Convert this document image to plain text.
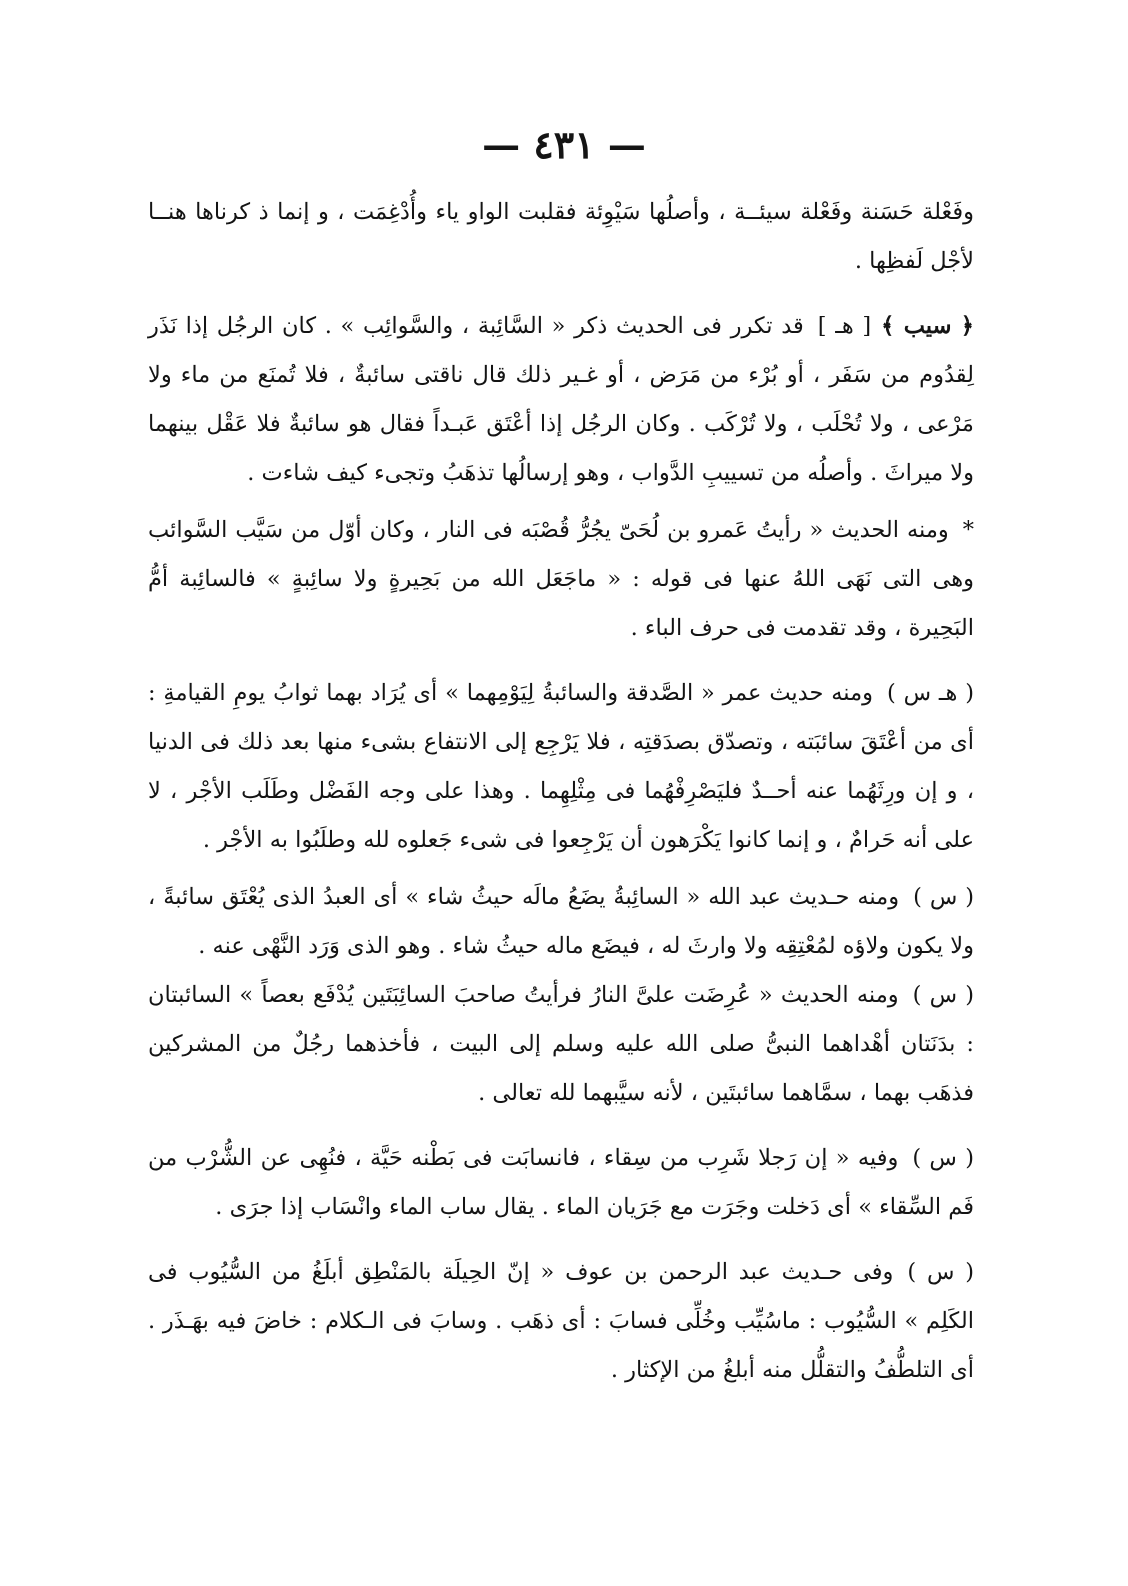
— ٤٣١ —

وفَعْلة حَسَنة وفَعْلة سيئــة ، وأصلُها سَيْوِئة فقلبت الواو ياء وأُدْغِمَت ، و إنما ذ كرناها هنــا لأجْل لَفظِها .

﴿ سيب ﴾[ هـ ]قد تكرر فى الحديث ذكر « السَّائِبة ، والسَّوائِب » . كان الرجُل إذا نَذَر لِقدُوم من سَفَر ، أو بُرْء من مَرَض ، أو غـير ذلك قال ناقتى سائبةٌ ، فلا تُمنَع من ماء ولا مَرْعى ، ولا تُحْلَب ، ولا تُرْكَب . وكان الرجُل إذا أعْتَق عَبـداً فقال هو سائبةٌ فلا عَقْل بينهما ولا ميراثَ . وأصلُه من تسييبِ الدَّواب ، وهو إرسالُها تذهَبُ وتجىء كيف شاءت .

*ومنه الحديث « رأيتُ عَمرو بن لُحَىّ يجُرُّ قُصْبَه فى النار ، وكان أوّل من سَيَّب السَّوائب وهى التى نَهَى اللهُ عنها فى قوله : « ماجَعَل الله من بَحِيرةٍ ولا سائِبةٍ » فالسائِبة أمُّ البَحِيرة ، وقد تقدمت فى حرف الباء .

( هـ س )ومنه حديث عمر « الصَّدقة والسائبةُ لِيَوْمِهما » أى يُرَاد بهما ثوابُ يومِ القيامةِ : أى من أعْتَقَ سائبَته ، وتصدّق بصدَقتِه ، فلا يَرْجِع إلى الانتفاع بشىء منها بعد ذلك فى الدنيا ، و إن ورِثَهُما عنه أحــدٌ فليَصْرِفْهُما فى مِثْلِهِما . وهذا على وجه الفَضْل وطَلَب الأجْر ، لا على أنه حَرامٌ ، و إنما كانوا يَكْرَهون أن يَرْجِعوا فى شىء جَعلوه لله وطلَبُوا به الأجْر .

( س )ومنه حـديث عبد الله « السائِبةُ يضَعُ مالَه حيثُ شاء » أى العبدُ الذى يُعْتَق سائبةً ، ولا يكون ولاؤه لمُعْتِقِه ولا وارثَ له ، فيضَع ماله حيثُ شاء . وهو الذى وَرَد النَّهْى عنه .

( س )ومنه الحديث « عُرِضَت علىَّ النارُ فرأيتُ صاحبَ السائِبَتَين يُدْفَع بعصاً » السائبتان : بدَنَتان أهْداهما النبىُّ صلى الله عليه وسلم إلى البيت ، فأخذهما رجُلٌ من المشركين فذهَب بهما ، سمَّاهما سائبتَين ، لأنه سيَّبهما لله تعالى .

( س )وفيه « إن رَجلا شَرِب من سِقاء ، فانسابَت فى بَطْنه حَيَّة ، فنُهِى عن الشُّرْب من فَم السِّقاء » أى دَخلت وجَرَت مع جَرَيان الماء . يقال ساب الماء وانْسَاب إذا جرَى .

( س )وفى حـديث عبد الرحمن بن عوف « إنّ الحِيلَة بالمَنْطِق أبلَغُ من السُّيُوب فى الكَلِم » السُّيُوب : ماسُيِّب وخُلِّى فسابَ : أى ذهَب . وسابَ فى الـكلام : خاضَ فيه بهَـذَر . أى التلطُّفُ والتقلُّل منه أبلغُ من الإكثار .
